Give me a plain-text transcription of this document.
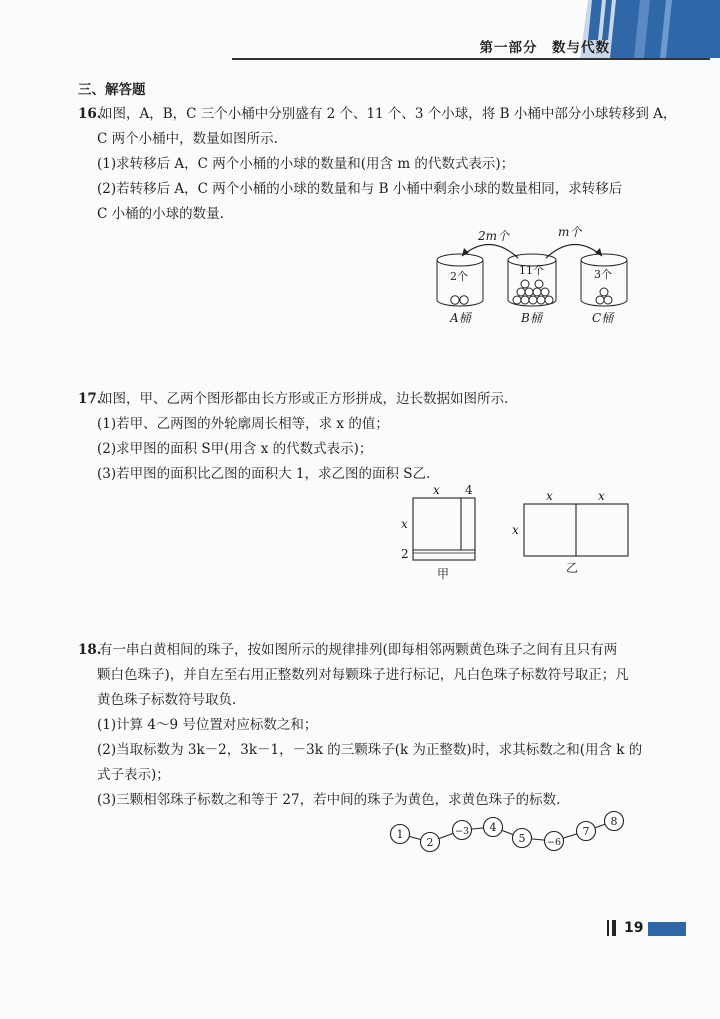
第一部分　数与代数
三、解答题
16.
如图，A，B，C 三个小桶中分别盛有 2 个、11 个、3 个小球，将 B 小桶中部分小球转移到 A，
C 两个小桶中，数量如图所示.
(1)求转移后 A，C 两个小桶的小球的数量和(用含 m 的代数式表示)；
(2)若转移后 A，C 两个小桶的小球的数量和与 B 小桶中剩余小球的数量相同，求转移后
C 小桶的小球的数量.
2m个	m个
2个	11个	3个
A桶	B桶	C桶
17.
如图，甲、乙两个图形都由长方形或正方形拼成，边长数据如图所示.
(1)若甲、乙两图的外轮廓周长相等，求 x 的值；
(2)求甲图的面积 S甲(用含 x 的代数式表示)；
(3)若甲图的面积比乙图的面积大 1，求乙图的面积 S乙.
x 4
x
2
甲
x	x
x
乙
18.
有一串白黄相间的珠子，按如图所示的规律排列(即每相邻两颗黄色珠子之间有且只有两
颗白色珠子)，并自左至右用正整数列对每颗珠子进行标记，凡白色珠子标数符号取正；凡
黄色珠子标数符号取负.
(1)计算 4～9 号位置对应标数之和；
(2)当取标数为 3k－2，3k－1，－3k 的三颗珠子(k 为正整数)时，求其标数之和(用含 k 的
式子表示)；
(3)三颗相邻珠子标数之和等于 27，若中间的珠子为黄色，求黄色珠子的标数.
1
2
−3 4
5 −6
7
8
19
